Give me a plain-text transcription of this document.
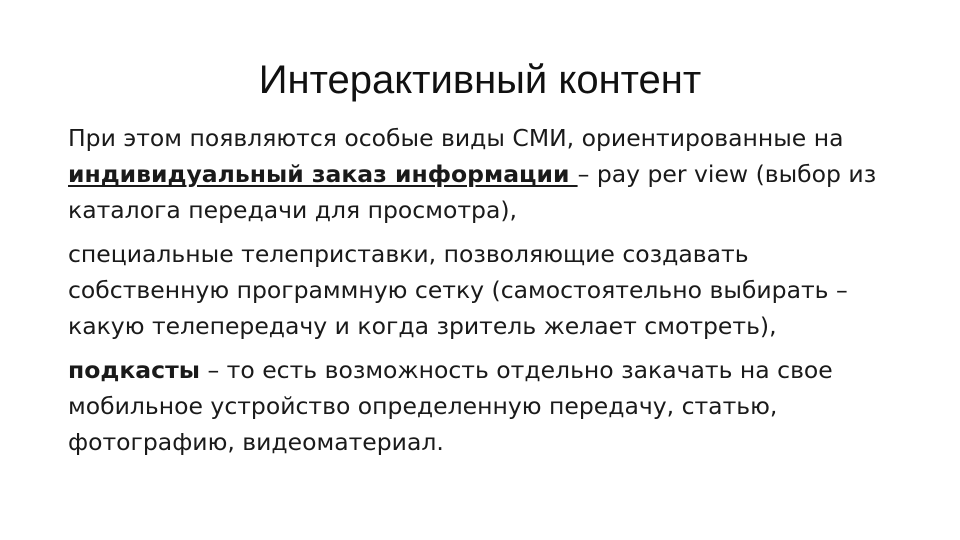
Интерактивный контент

При этом появляются особые виды СМИ, ориентированные на индивидуальный заказ информации – pay per view (выбор из каталога передачи для просмотра),

специальные телеприставки, позволяющие создавать собственную программную сетку (самостоятельно выбирать – какую телепередачу и когда зритель желает смотреть),

подкасты – то есть возможность отдельно закачать на свое мобильное устройство определенную передачу, статью, фотографию, видеоматериал.
